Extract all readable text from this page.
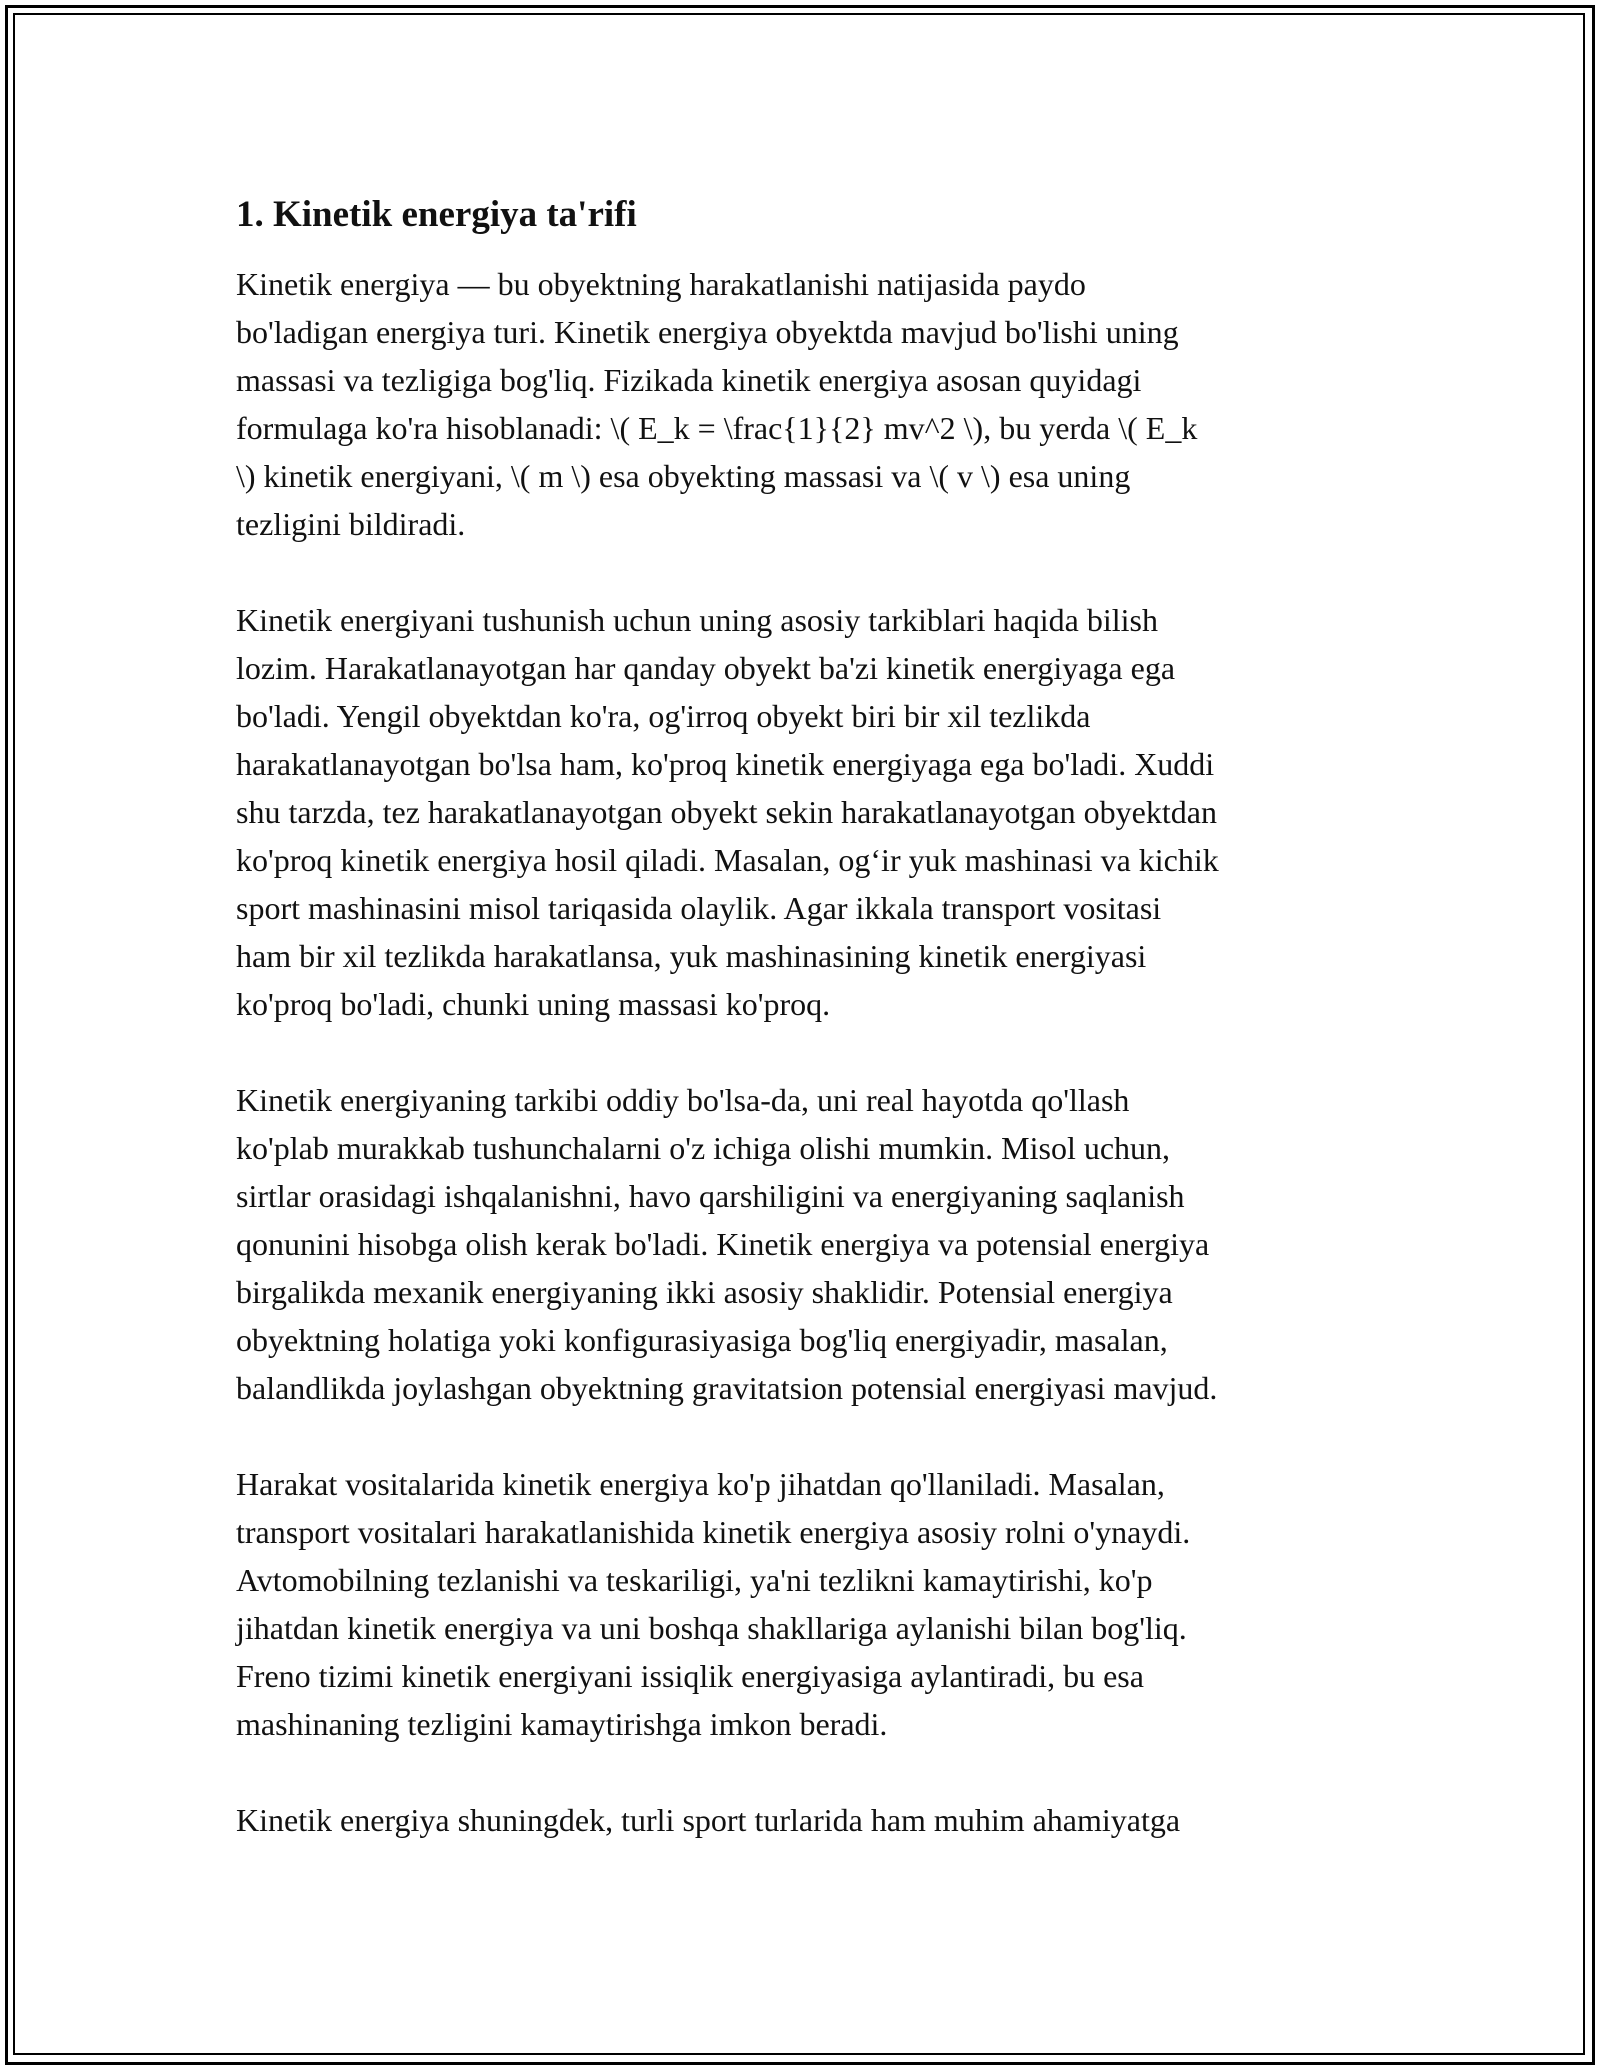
1. Kinetik energiya ta'rifi

Kinetik energiya — bu obyektning harakatlanishi natijasida paydo
bo'ladigan energiya turi. Kinetik energiya obyektda mavjud bo'lishi uning
massasi va tezligiga bog'liq. Fizikada kinetik energiya asosan quyidagi
formulaga ko'ra hisoblanadi: \( E_k = \frac{1}{2} mv^2 \), bu yerda \( E_k
\) kinetik energiyani, \( m \) esa obyekting massasi va \( v \) esa uning
tezligini bildiradi.

Kinetik energiyani tushunish uchun uning asosiy tarkiblari haqida bilish
lozim. Harakatlanayotgan har qanday obyekt ba'zi kinetik energiyaga ega
bo'ladi. Yengil obyektdan ko'ra, og'irroq obyekt biri bir xil tezlikda
harakatlanayotgan bo'lsa ham, ko'proq kinetik energiyaga ega bo'ladi. Xuddi
shu tarzda, tez harakatlanayotgan obyekt sekin harakatlanayotgan obyektdan
ko'proq kinetik energiya hosil qiladi. Masalan, og‘ir yuk mashinasi va kichik
sport mashinasini misol tariqasida olaylik. Agar ikkala transport vositasi
ham bir xil tezlikda harakatlansa, yuk mashinasining kinetik energiyasi
ko'proq bo'ladi, chunki uning massasi ko'proq.

Kinetik energiyaning tarkibi oddiy bo'lsa-da, uni real hayotda qo'llash
ko'plab murakkab tushunchalarni o'z ichiga olishi mumkin. Misol uchun,
sirtlar orasidagi ishqalanishni, havo qarshiligini va energiyaning saqlanish
qonunini hisobga olish kerak bo'ladi. Kinetik energiya va potensial energiya
birgalikda mexanik energiyaning ikki asosiy shaklidir. Potensial energiya
obyektning holatiga yoki konfigurasiyasiga bog'liq energiyadir, masalan,
balandlikda joylashgan obyektning gravitatsion potensial energiyasi mavjud.

Harakat vositalarida kinetik energiya ko'p jihatdan qo'llaniladi. Masalan,
transport vositalari harakatlanishida kinetik energiya asosiy rolni o'ynaydi.
Avtomobilning tezlanishi va teskariligi, ya'ni tezlikni kamaytirishi, ko'p
jihatdan kinetik energiya va uni boshqa shakllariga aylanishi bilan bog'liq.
Freno tizimi kinetik energiyani issiqlik energiyasiga aylantiradi, bu esa
mashinaning tezligini kamaytirishga imkon beradi.

Kinetik energiya shuningdek, turli sport turlarida ham muhim ahamiyatga
